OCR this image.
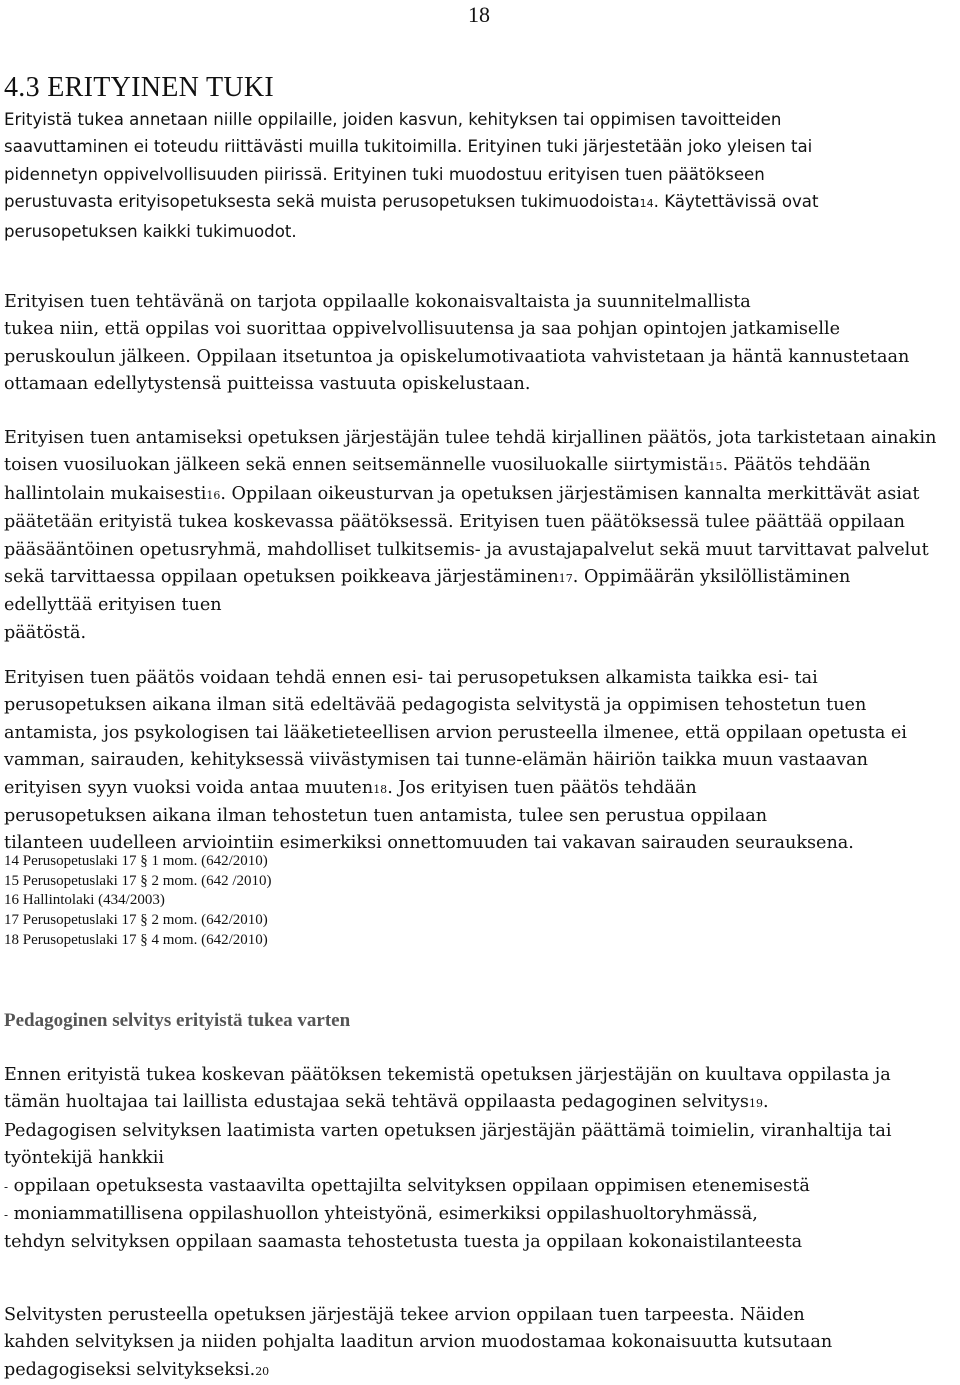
18
4.3 ERITYINEN TUKI
Erityistä tukea annetaan niille oppilaille, joiden kasvun, kehityksen tai oppimisen tavoitteiden
saavuttaminen ei toteudu riittävästi muilla tukitoimilla. Erityinen tuki järjestetään joko yleisen tai
pidennetyn oppivelvollisuuden piirissä. Erityinen tuki muodostuu erityisen tuen päätökseen
perustuvasta erityisopetuksesta sekä muista perusopetuksen tukimuodoista14. Käytettävissä ovat
perusopetuksen kaikki tukimuodot.
Erityisen tuen tehtävänä on tarjota oppilaalle kokonaisvaltaista ja suunnitelmallista
tukea niin, että oppilas voi suorittaa oppivelvollisuutensa ja saa pohjan opintojen jatkamiselle
peruskoulun jälkeen. Oppilaan itsetuntoa ja opiskelumotivaatiota vahvistetaan ja häntä kannustetaan
ottamaan edellytystensä puitteissa vastuuta opiskelustaan.
Erityisen tuen antamiseksi opetuksen järjestäjän tulee tehdä kirjallinen päätös, jota tarkistetaan ainakin
toisen vuosiluokan jälkeen sekä ennen seitsemännelle vuosiluokalle siirtymistä15. Päätös tehdään
hallintolain mukaisesti16. Oppilaan oikeusturvan ja opetuksen järjestämisen kannalta merkittävät asiat
päätetään erityistä tukea koskevassa päätöksessä. Erityisen tuen päätöksessä tulee päättää oppilaan
pääsääntöinen opetusryhmä, mahdolliset tulkitsemis- ja avustajapalvelut sekä muut tarvittavat palvelut
sekä tarvittaessa oppilaan opetuksen poikkeava järjestäminen17. Oppimäärän yksilöllistäminen
edellyttää erityisen tuen
päätöstä.
Erityisen tuen päätös voidaan tehdä ennen esi- tai perusopetuksen alkamista taikka esi- tai
perusopetuksen aikana ilman sitä edeltävää pedagogista selvitystä ja oppimisen tehostetun tuen
antamista, jos psykologisen tai lääketieteellisen arvion perusteella ilmenee, että oppilaan opetusta ei
vamman, sairauden, kehityksessä viivästymisen tai tunne-elämän häiriön taikka muun vastaavan
erityisen syyn vuoksi voida antaa muuten18. Jos erityisen tuen päätös tehdään
perusopetuksen aikana ilman tehostetun tuen antamista, tulee sen perustua oppilaan
tilanteen uudelleen arviointiin esimerkiksi onnettomuuden tai vakavan sairauden seurauksena.
14 Perusopetuslaki 17 § 1 mom. (642/2010)
15 Perusopetuslaki 17 § 2 mom. (642 /2010)
16 Hallintolaki (434/2003)
17 Perusopetuslaki 17 § 2 mom. (642/2010)
18 Perusopetuslaki 17 § 4 mom. (642/2010)
Pedagoginen selvitys erityistä tukea varten
Ennen erityistä tukea koskevan päätöksen tekemistä opetuksen järjestäjän on kuultava oppilasta ja
tämän huoltajaa tai laillista edustajaa sekä tehtävä oppilaasta pedagoginen selvitys19.
Pedagogisen selvityksen laatimista varten opetuksen järjestäjän päättämä toimielin, viranhaltija tai
työntekijä hankkii
- oppilaan opetuksesta vastaavilta opettajilta selvityksen oppilaan oppimisen etenemisestä
- moniammatillisena oppilashuollon yhteistyönä, esimerkiksi oppilashuoltoryhmässä,
tehdyn selvityksen oppilaan saamasta tehostetusta tuesta ja oppilaan kokonaistilanteesta
Selvitysten perusteella opetuksen järjestäjä tekee arvion oppilaan tuen tarpeesta. Näiden
kahden selvityksen ja niiden pohjalta laaditun arvion muodostamaa kokonaisuutta kutsutaan
pedagogiseksi selvitykseksi.20
